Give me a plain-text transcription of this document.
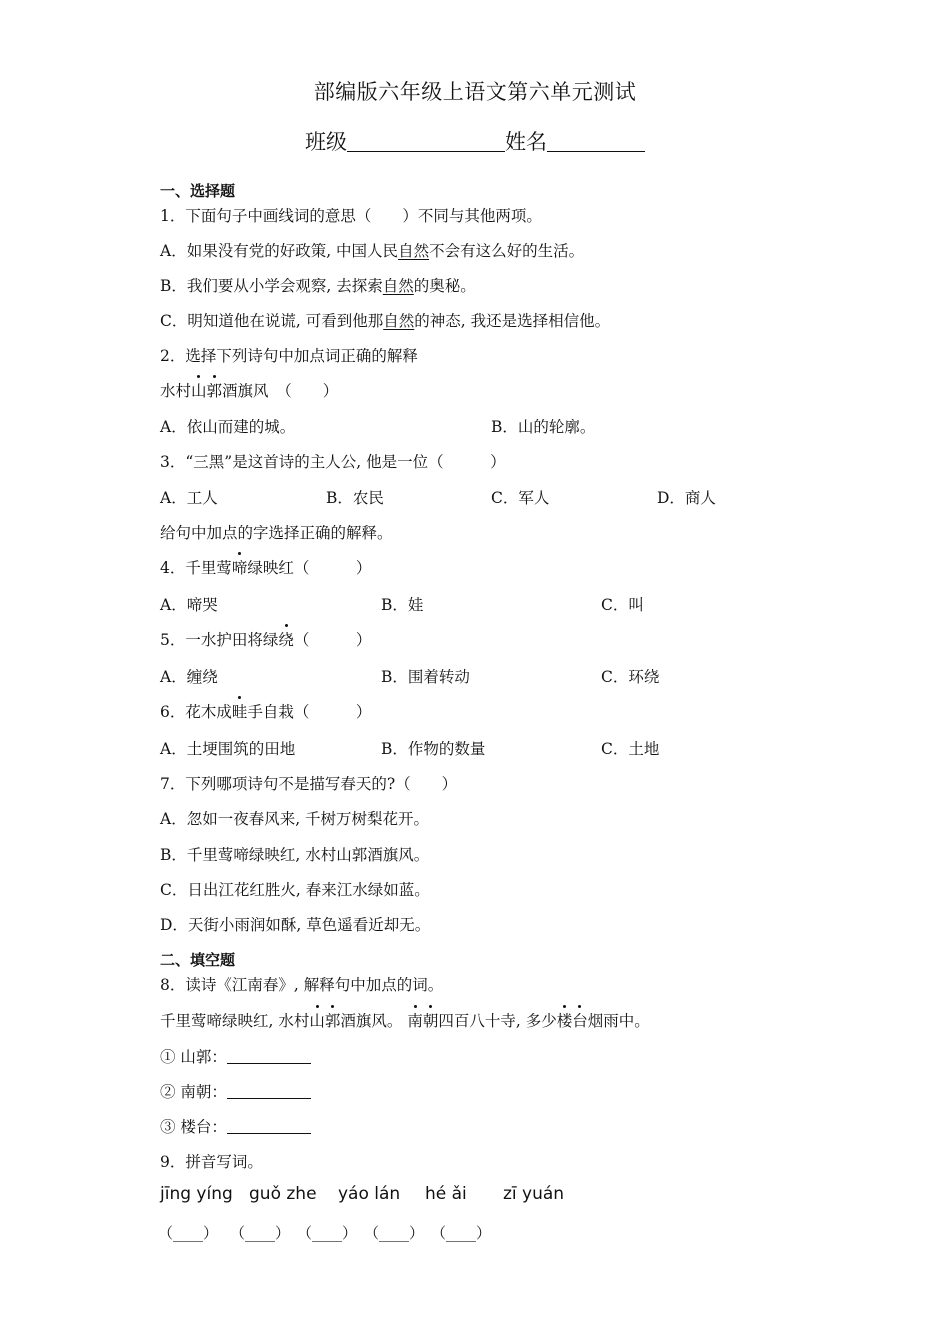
部编版六年级上语文第六单元测试
班级	姓名
一、选择题
1．下面句子中画线词的意思（　　）不同与其他两项。
A．如果没有党的好政策, 中国人民自然不会有这么好的生活。
B．我们要从小学会观察, 去探索自然的奥秘。
C．明知道他在说谎, 可看到他那自然的神态, 我还是选择相信他。
2．选择下列诗句中加点词正确的解释
水村山郭酒旗风　（　　）
A．依山而建的城。	B．山的轮廓。
3．“三黑”是这首诗的主人公, 他是一位（　　　）
A．工人	B．农民	C．军人	D．商人
给句中加点的字选择正确的解释。
4．千里莺啼绿映红（　　　）
A．啼哭	B．娃	C．叫
5．一水护田将绿绕（　　　）
A．缠绕	B．围着转动	C．环绕
6．花木成畦手自栽（　　　）
A．土埂围筑的田地	B．作物的数量	C．土地
7．下列哪项诗句不是描写春天的?（　　）
A．忽如一夜春风来, 千树万树梨花开。
B．千里莺啼绿映红, 水村山郭酒旗风。
C．日出江花红胜火, 春来江水绿如蓝。
D．天街小雨润如酥, 草色遥看近却无。
二、填空题
8．读诗《江南春》, 解释句中加点的词。
千里莺啼绿映红, 水村山郭酒旗风。 南朝四百八十寺, 多少楼台烟雨中。
① 山郭：
② 南朝：
③ 楼台：
9．拼音写词。
jīng yíng guǒ zhe yáo lán hé ǎi zī yuán
（____） （____） （____） （____） （____）
